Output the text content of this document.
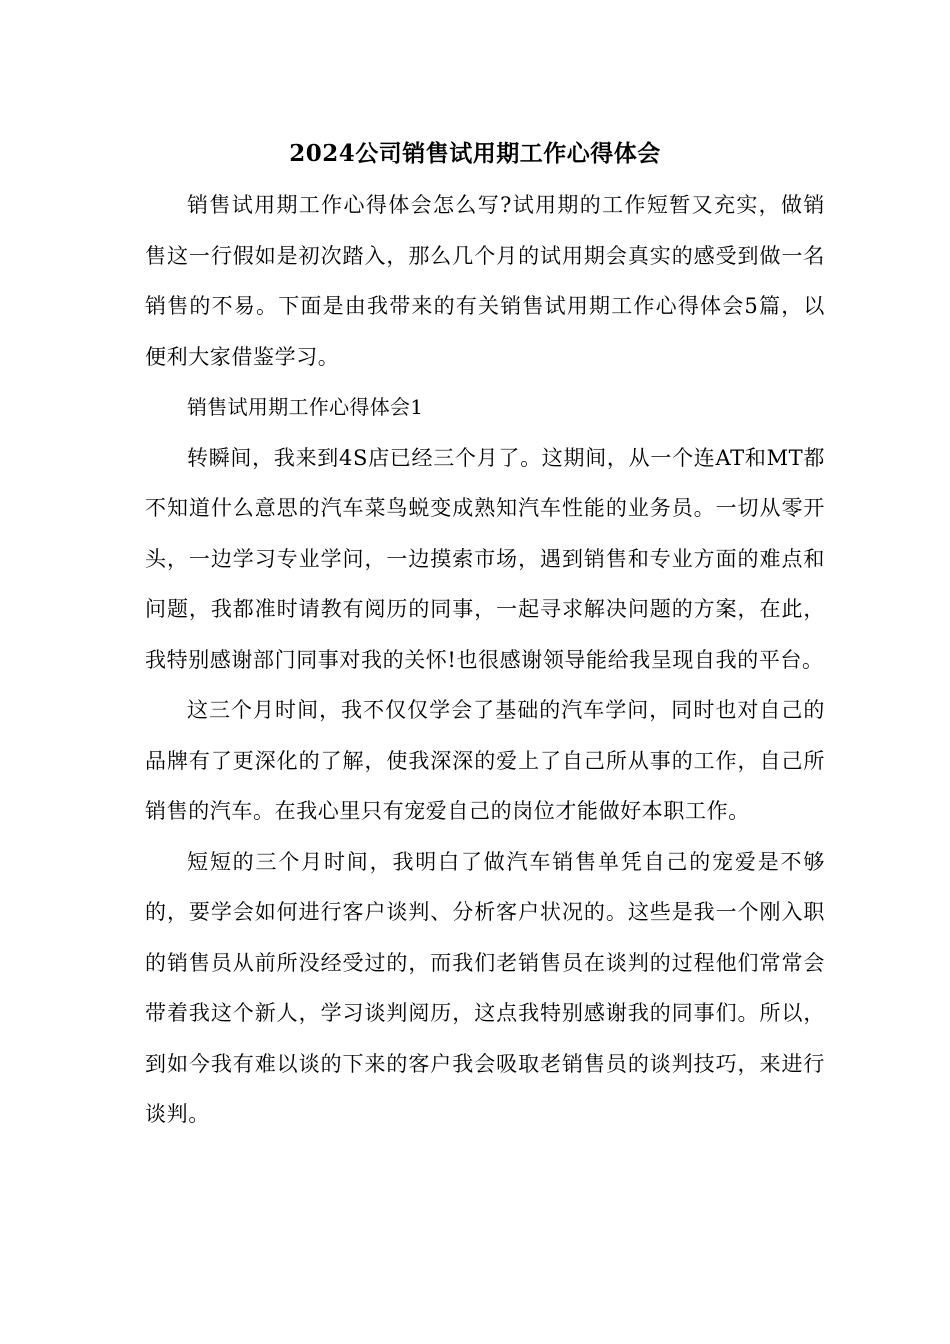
2024公司销售试用期工作心得体会

销售试用期工作心得体会怎么写?试用期的工作短暂又充实，做销售这一行假如是初次踏入，那么几个月的试用期会真实的感受到做一名销售的不易。下面是由我带来的有关销售试用期工作心得体会5篇，以便利大家借鉴学习。

销售试用期工作心得体会1

转瞬间，我来到4S店已经三个月了。这期间，从一个连AT和MT都不知道什么意思的汽车菜鸟蜕变成熟知汽车性能的业务员。一切从零开头，一边学习专业学问，一边摸索市场，遇到销售和专业方面的难点和问题，我都准时请教有阅历的同事，一起寻求解决问题的方案，在此，我特别感谢部门同事对我的关怀!也很感谢领导能给我呈现自我的平台。

这三个月时间，我不仅仅学会了基础的汽车学问，同时也对自己的品牌有了更深化的了解，使我深深的爱上了自己所从事的工作，自己所销售的汽车。在我心里只有宠爱自己的岗位才能做好本职工作。

短短的三个月时间，我明白了做汽车销售单凭自己的宠爱是不够的，要学会如何进行客户谈判、分析客户状况的。这些是我一个刚入职的销售员从前所没经受过的，而我们老销售员在谈判的过程他们常常会带着我这个新人，学习谈判阅历，这点我特别感谢我的同事们。所以，到如今我有难以谈的下来的客户我会吸取老销售员的谈判技巧，来进行谈判。
